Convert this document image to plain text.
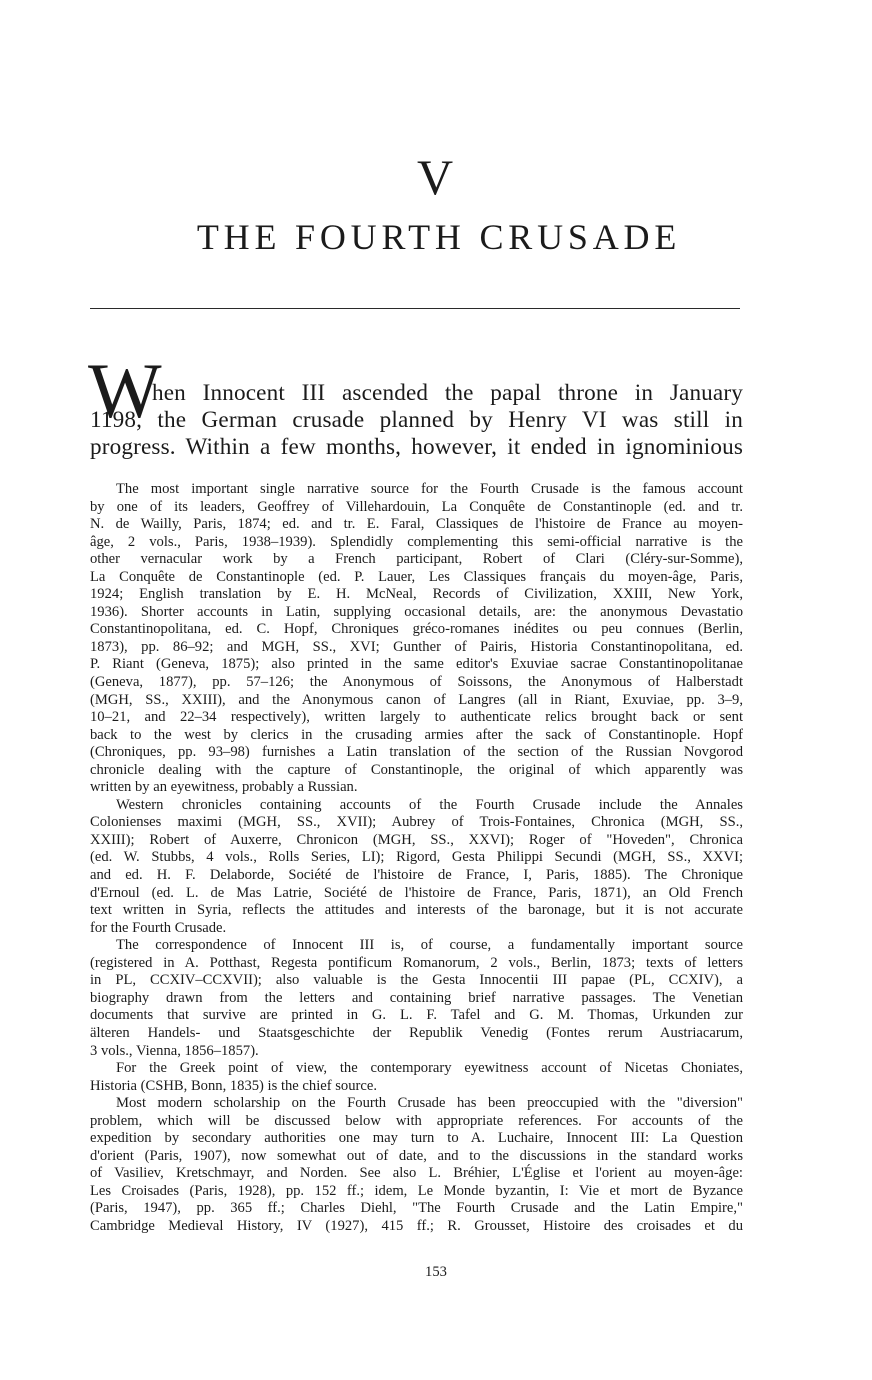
V
THE FOURTH CRUSADE
W
hen Innocent III ascended the papal throne in January
1198, the German crusade planned by Henry VI was still in
progress. Within a few months, however, it ended in ignominious
The most important single narrative source for the Fourth Crusade is the famous account
by one of its leaders, Geoffrey of Villehardouin, La Conquête de Constantinople (ed. and tr.
N. de Wailly, Paris, 1874; ed. and tr. E. Faral, Classiques de l'histoire de France au moyen-
âge, 2 vols., Paris, 1938–1939). Splendidly complementing this semi-official narrative is the
other vernacular work by a French participant, Robert of Clari (Cléry-sur-Somme),
La Conquête de Constantinople (ed. P. Lauer, Les Classiques français du moyen-âge, Paris,
1924; English translation by E. H. McNeal, Records of Civilization, XXIII, New York,
1936). Shorter accounts in Latin, supplying occasional details, are: the anonymous Devastatio
Constantinopolitana, ed. C. Hopf, Chroniques gréco-romanes inédites ou peu connues (Berlin,
1873), pp. 86–92; and MGH, SS., XVI; Gunther of Pairis, Historia Constantinopolitana, ed.
P. Riant (Geneva, 1875); also printed in the same editor's Exuviae sacrae Constantinopolitanae
(Geneva, 1877), pp. 57–126; the Anonymous of Soissons, the Anonymous of Halberstadt
(MGH, SS., XXIII), and the Anonymous canon of Langres (all in Riant, Exuviae, pp. 3–9,
10–21, and 22–34 respectively), written largely to authenticate relics brought back or sent
back to the west by clerics in the crusading armies after the sack of Constantinople. Hopf
(Chroniques, pp. 93–98) furnishes a Latin translation of the section of the Russian Novgorod
chronicle dealing with the capture of Constantinople, the original of which apparently was
written by an eyewitness, probably a Russian.
Western chronicles containing accounts of the Fourth Crusade include the Annales
Colonienses maximi (MGH, SS., XVII); Aubrey of Trois-Fontaines, Chronica (MGH, SS.,
XXIII); Robert of Auxerre, Chronicon (MGH, SS., XXVI); Roger of "Hoveden", Chronica
(ed. W. Stubbs, 4 vols., Rolls Series, LI); Rigord, Gesta Philippi Secundi (MGH, SS., XXVI;
and ed. H. F. Delaborde, Société de l'histoire de France, I, Paris, 1885). The Chronique
d'Ernoul (ed. L. de Mas Latrie, Société de l'histoire de France, Paris, 1871), an Old French
text written in Syria, reflects the attitudes and interests of the baronage, but it is not accurate
for the Fourth Crusade.
The correspondence of Innocent III is, of course, a fundamentally important source
(registered in A. Potthast, Regesta pontificum Romanorum, 2 vols., Berlin, 1873; texts of letters
in PL, CCXIV–CCXVII); also valuable is the Gesta Innocentii III papae (PL, CCXIV), a
biography drawn from the letters and containing brief narrative passages. The Venetian
documents that survive are printed in G. L. F. Tafel and G. M. Thomas, Urkunden zur
älteren Handels- und Staatsgeschichte der Republik Venedig (Fontes rerum Austriacarum,
3 vols., Vienna, 1856–1857).
For the Greek point of view, the contemporary eyewitness account of Nicetas Choniates,
Historia (CSHB, Bonn, 1835) is the chief source.
Most modern scholarship on the Fourth Crusade has been preoccupied with the "diversion"
problem, which will be discussed below with appropriate references. For accounts of the
expedition by secondary authorities one may turn to A. Luchaire, Innocent III: La Question
d'orient (Paris, 1907), now somewhat out of date, and to the discussions in the standard works
of Vasiliev, Kretschmayr, and Norden. See also L. Bréhier, L'Église et l'orient au moyen-âge:
Les Croisades (Paris, 1928), pp. 152 ff.; idem, Le Monde byzantin, I: Vie et mort de Byzance
(Paris, 1947), pp. 365 ff.; Charles Diehl, "The Fourth Crusade and the Latin Empire,"
Cambridge Medieval History, IV (1927), 415 ff.; R. Grousset, Histoire des croisades et du
153
